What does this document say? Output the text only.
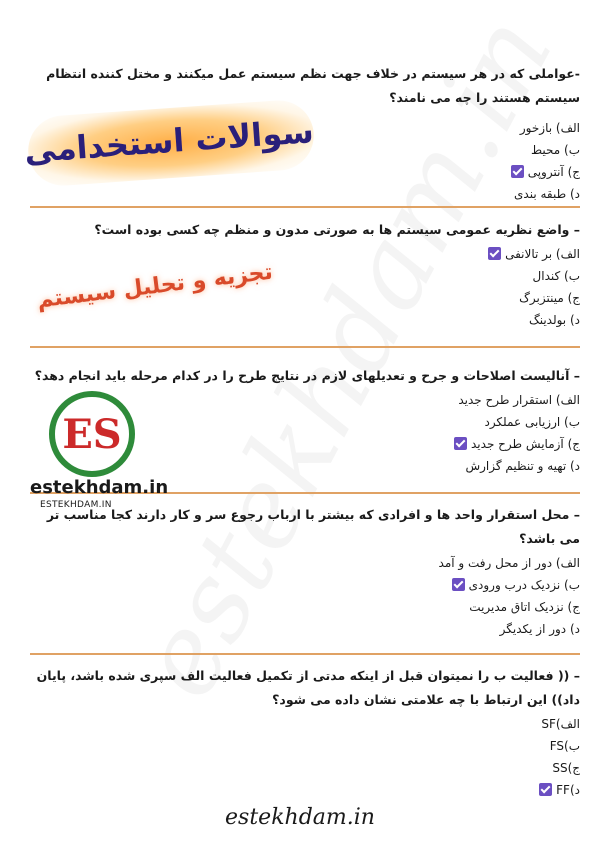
-عواملی که در هر سیستم در خلاف جهت نظم سیستم عمل میکنند و مختل کننده انتظام سیستم هستند را چه می نامند؟
الف) بازخور
ب) محیط
ج) آنتروپی
د) طبقه بندی
– واضع نظریه عمومی سیستم ها به صورتی مدون و منظم چه کسی بوده است؟
الف) بر تالانفی
ب) کندال
ج) مینتزبرگ
د) بولدینگ
– آنالیست اصلاحات و جرح و تعدیلهای لازم در نتایج طرح را در کدام مرحله باید انجام دهد؟
الف) استقرار طرح جدید
ب) ارزیابی عملکرد
ج) آزمایش طرح جدید
د) تهیه و تنظیم گزارش
– محل استقرار واحد ها و افرادی که بیشتر با ارباب رجوع سر و کار دارند کجا مناسب تر می باشد؟
الف) دور از محل رفت و آمد
ب) نزدیک درب ورودی
ج) نزدیک اتاق مدیریت
د) دور از یکدیگر
– (( فعالیت ب را نمیتوان قبل از اینکه مدتی از تکمیل فعالیت الف سپری شده باشد، پایان داد)) این ارتباط با چه علامتی نشان داده می شود؟
الف)SF
ب)FS
ج)SS
د)FF
سوالات استخدامی
تجزیه و تحلیل سیستم
ES
estekhdam.in
ESTEKHDAM.IN
estekhdam.in
